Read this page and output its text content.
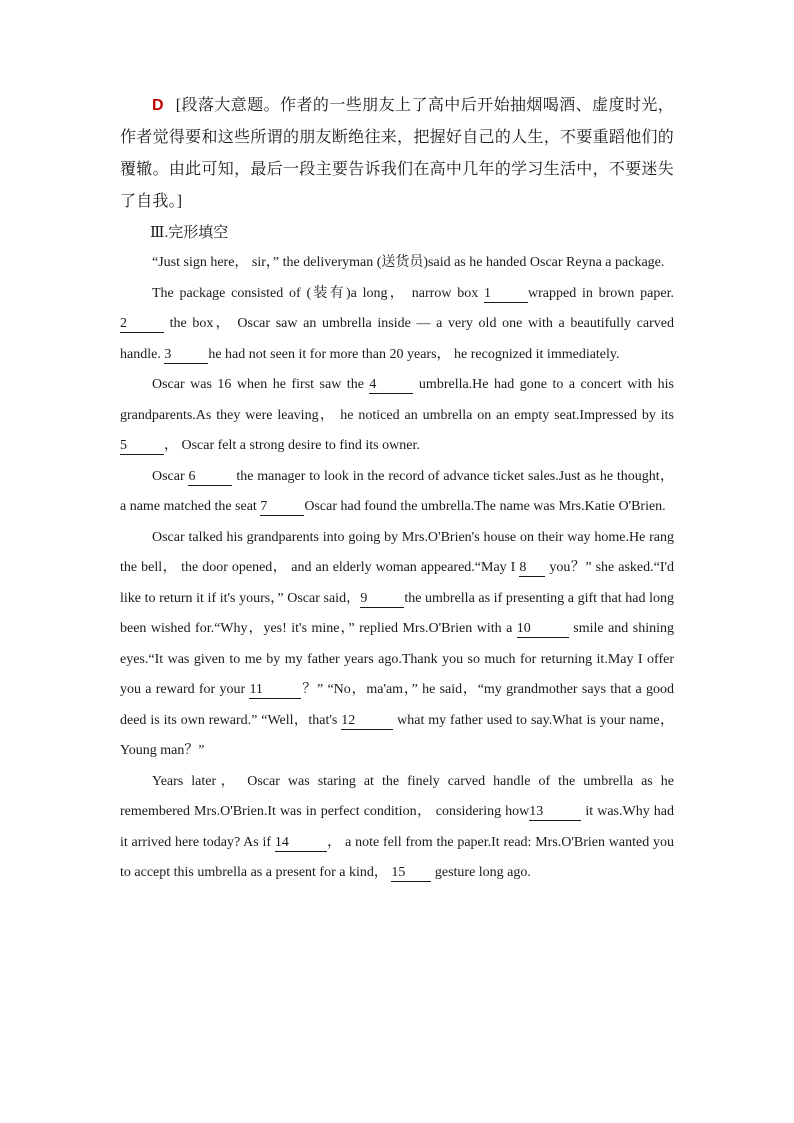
D [段落大意题。作者的一些朋友上了高中后开始抽烟喝酒、虚度时光，作者觉得要和这些所谓的朋友断绝往来，把握好自己的人生，不要重蹈他们的覆辙。由此可知，最后一段主要告诉我们在高中几年的学习生活中，不要迷失了自我。]

Ⅲ.完形填空

“Just sign here， sir，” the deliveryman (送货员)said as he handed Oscar Reyna a package.

The package consisted of (装有)a long， narrow box 1	wrapped in brown paper.2	the box， Oscar saw an umbrella inside — a very old one with a beautifully carved handle. 3	he had not seen it for more than 20 years， he recognized it immediately.

Oscar was 16 when he first saw the 4	umbrella.He had gone to a concert with his grandparents.As they were leaving， he noticed an umbrella on an empty seat.Impressed by its 5	， Oscar felt a strong desire to find its owner.

Oscar 6	the manager to look in the record of advance ticket sales.Just as he thought， a name matched the seat 7	Oscar had found the umbrella.The name was Mrs.Katie O'Brien.

Oscar talked his grandparents into going by Mrs.O'Brien's house on their way home.He rang the bell， the door opened， and an elderly woman appeared.“May I 8 you？” she asked.“I'd like to return it if it's yours，” Oscar said，9	the umbrella as if presenting a gift that had long been wished for.“Why，yes! it's mine，” replied Mrs.O'Brien with a 10	smile and shining eyes.“It was given to me by my father years ago.Thank you so much for returning it.May I offer you a reward for your 11	？” “No，ma'am，” he said，“my grandmother says that a good deed is its own reward.” “Well，that's 12	what my father used to say.What is your name，Young man？”

Years later， Oscar was staring at the finely carved handle of the umbrella as he remembered Mrs.O'Brien.It was in perfect condition， considering how13	it was.Why had it arrived here today? As if 14	， a note fell from the paper.It read: Mrs.O'Brien wanted you to accept this umbrella as a present for a kind， 15 gesture long ago.
